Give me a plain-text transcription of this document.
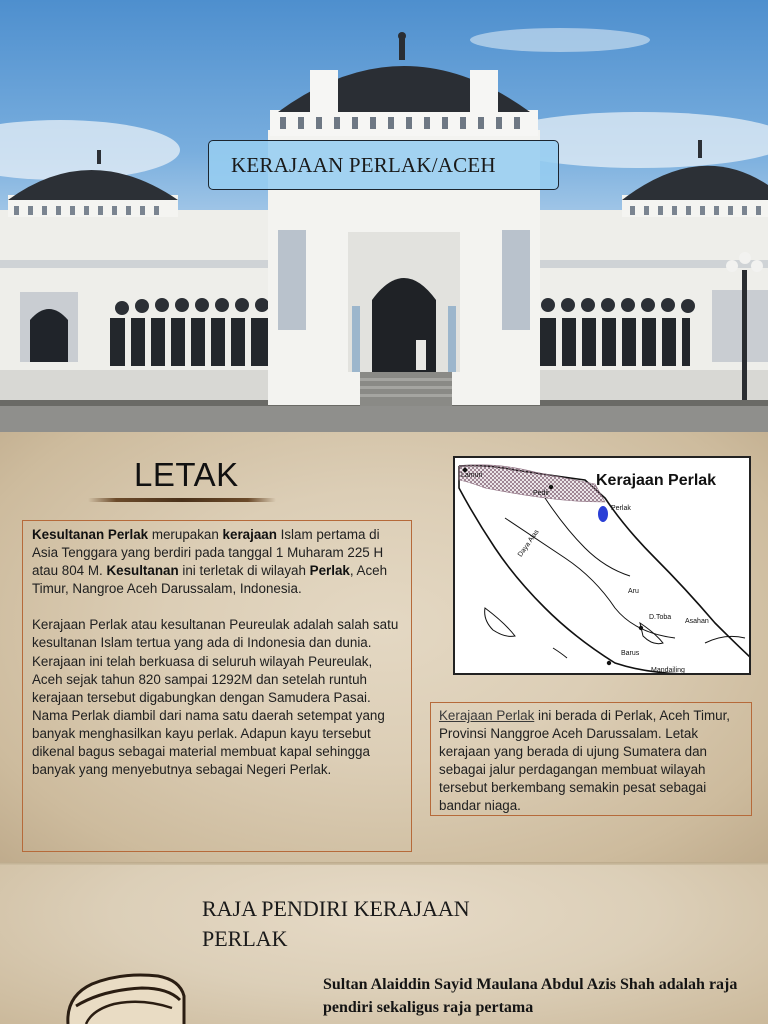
KERAJAAN PERLAK/ACEH
LETAK

Kesultanan Perlak merupakan kerajaan Islam pertama di Asia Tenggara yang berdiri pada tanggal 1 Muharam 225 H atau 804 M. Kesultanan ini terletak di wilayah Perlak, Aceh Timur, Nangroe Aceh Darussalam, Indonesia.

Kerajaan Perlak atau kesultanan Peureulak adalah salah satu kesultanan Islam tertua yang ada di Indonesia dan dunia. Kerajaan ini telah berkuasa di seluruh wilayah Peureulak, Aceh sejak tahun 820 sampai 1292M dan setelah runtuh kerajaan tersebut digabungkan dengan Samudera Pasai.

Nama Perlak diambil dari nama satu daerah setempat yang banyak menghasilkan kayu perlak. Adapun kayu tersebut dikenal bagus sebagai material membuat kapal sehingga banyak yang menyebutnya sebagai Negeri Perlak.

Kerajaan Perlak
Lamuri
Pedir
Perlak
Daya Alas
Aru
D.Toba
Asahan
Barus
Mandailing
Kerajaan Perlak ini berada di Perlak, Aceh Timur, Provinsi Nanggroe Aceh Darussalam. Letak kerajaan yang berada di ujung Sumatera dan sebagai jalur perdagangan membuat wilayah tersebut berkembang semakin pesat sebagai bandar niaga.
RAJA PENDIRI KERAJAAN PERLAK
Sultan Alaiddin Sayid Maulana Abdul Azis Shah adalah raja pendiri sekaligus raja pertama
